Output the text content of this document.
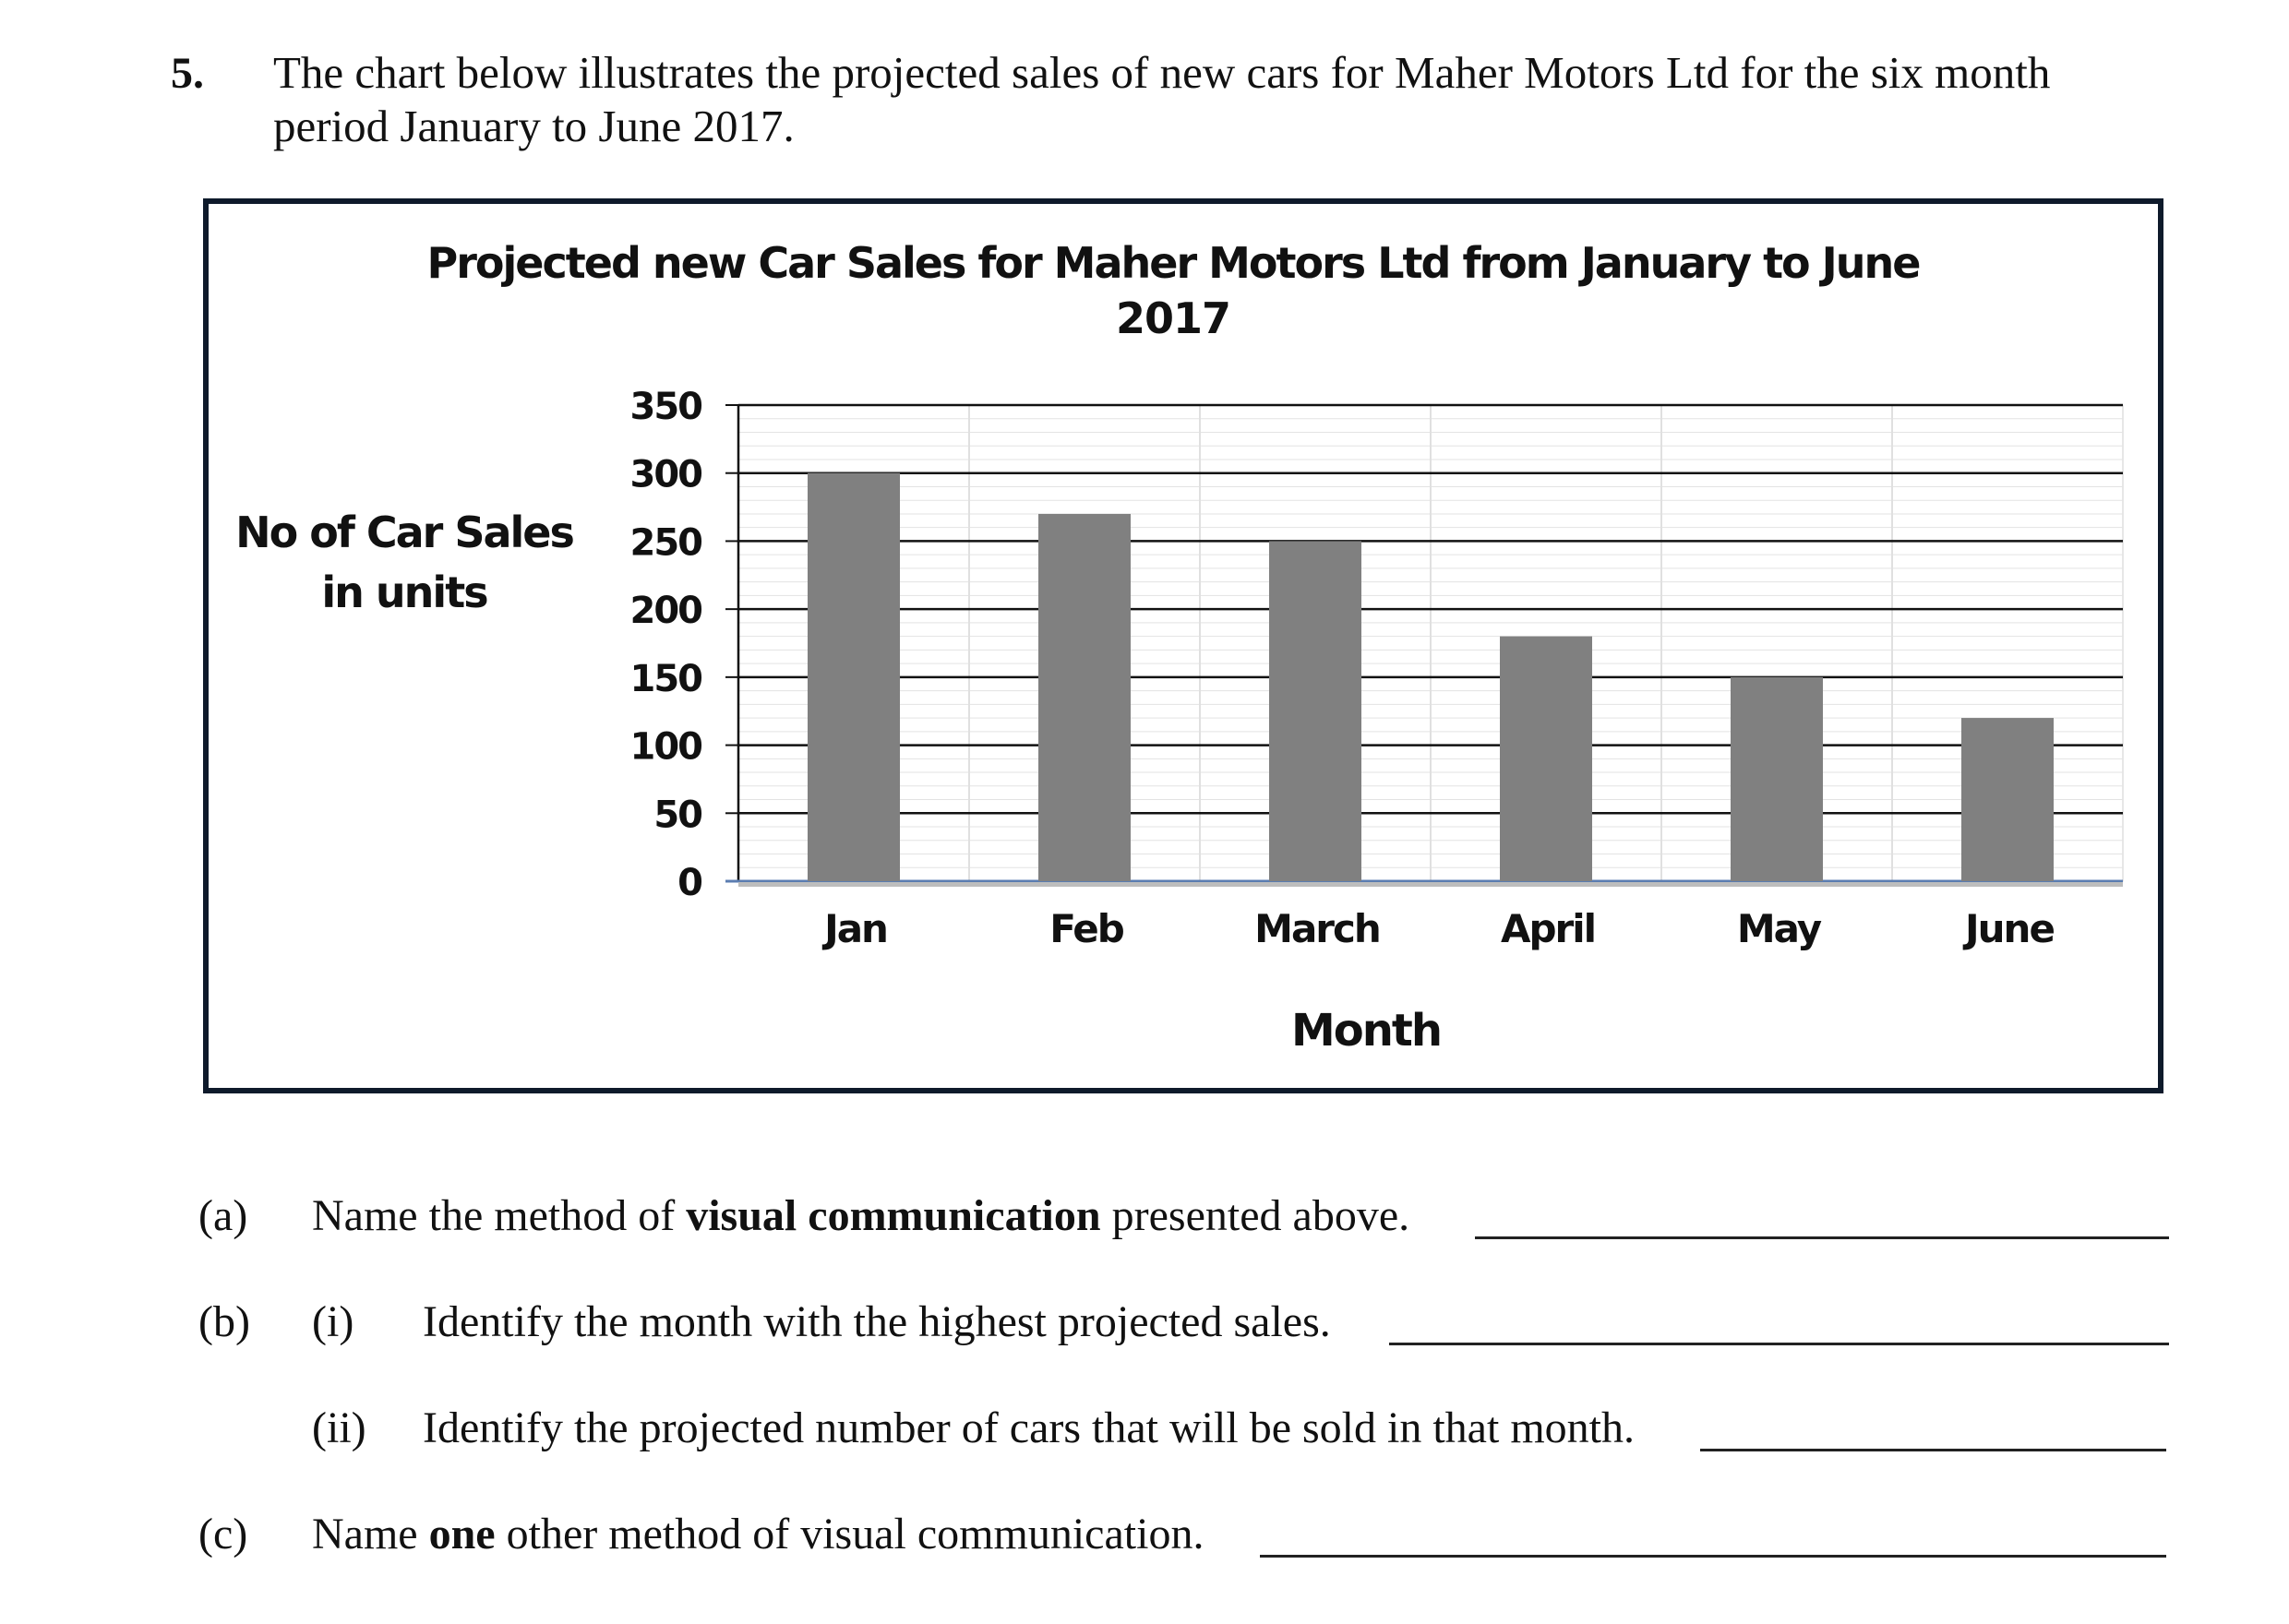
5. The chart below illustrates the projected sales of new cars for Maher Motors Ltd for the six month period January to June 2017.
Projected new Car Sales for Maher Motors Ltd from January to June
2017
No of Car Sales
in units
Month
0
50
100
150
200
250
300
350
Jan	Feb	March	April	May	June
(a) Name the method of visual communication presented above.
(b) (i) Identify the month with the highest projected sales.
(ii) Identify the projected number of cars that will be sold in that month.
(c) Name one other method of visual communication.
